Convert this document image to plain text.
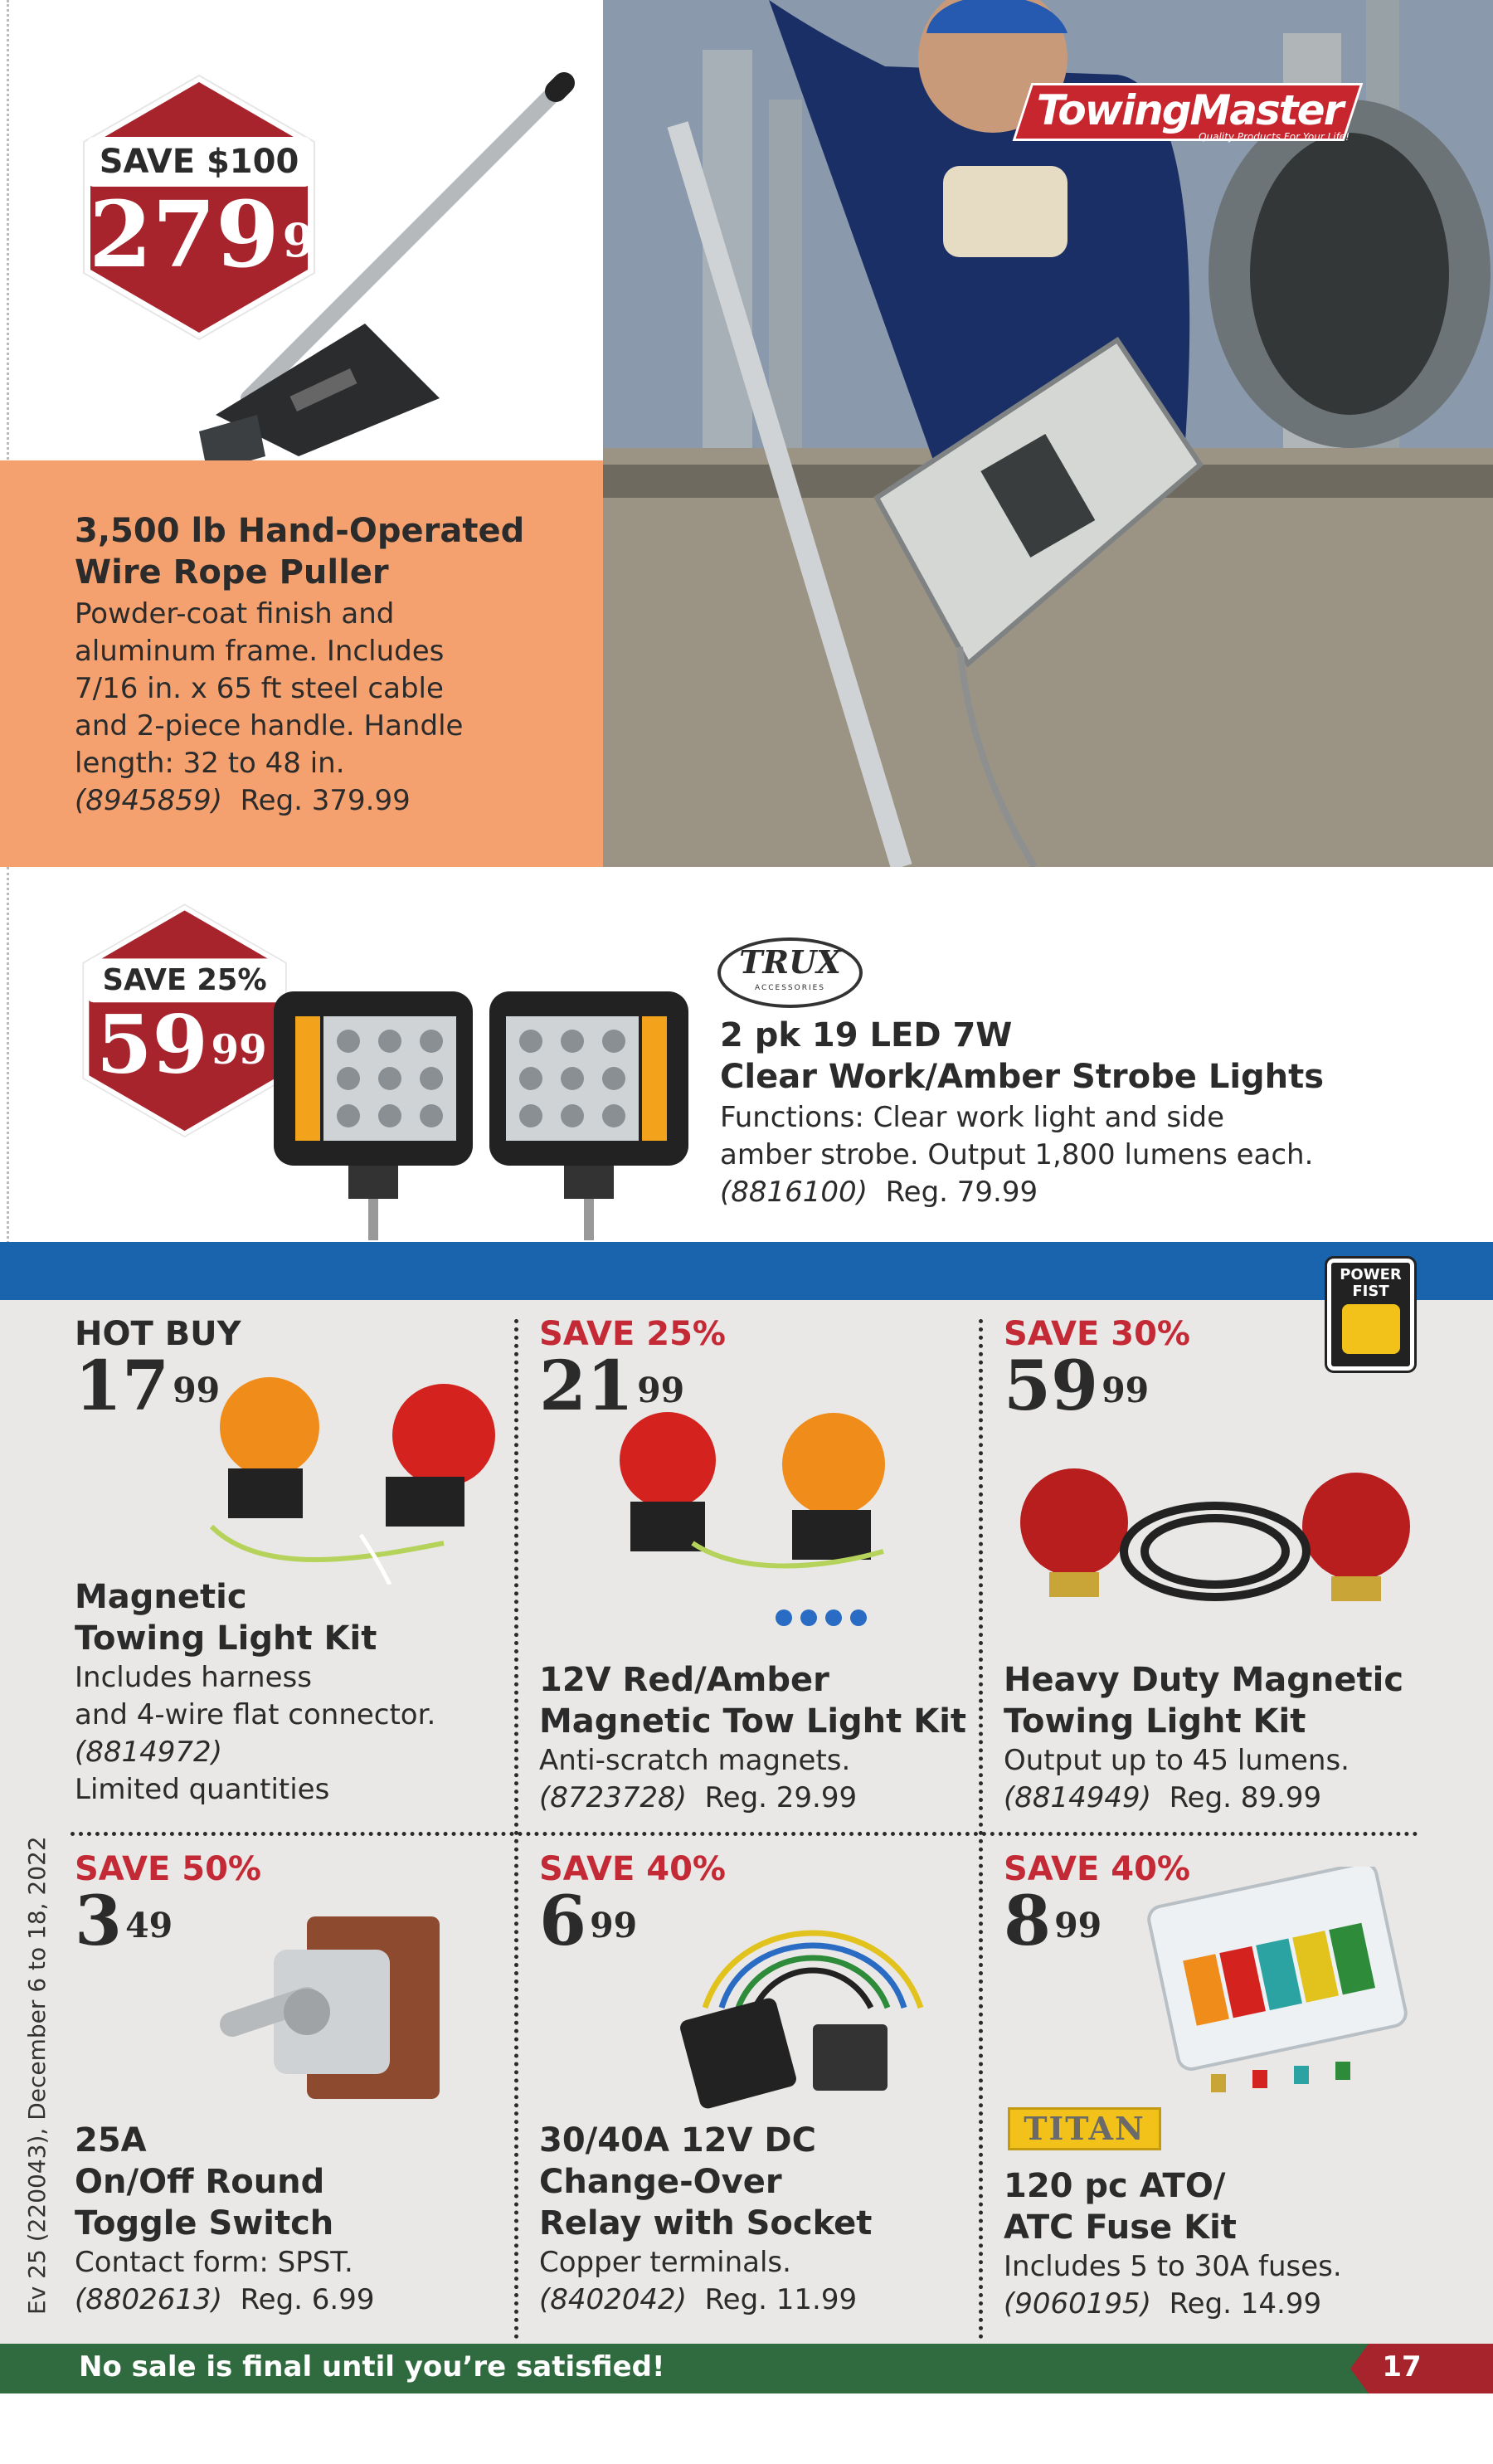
TowingMaster
Quality Products For Your Life!
SAVE $100
$279^{99}$
3,500 lb Hand-Operated
Wire Rope Puller
Powder-coat finish and
aluminum frame. Includes
7/16 in. x 65 ft steel cable
and 2-piece handle. Handle
length: 32 to 48 in.
(8945859) Reg. 379.99
SAVE 25%
$59^{99}$
TRUX
ACCESSORIES
2 pk 19 LED 7W
Clear Work/Amber Strobe Lights
Functions: Clear work light and side
amber strobe. Output 1,800 lumens each.
(8816100) Reg. 79.99
POWER
FIST
HOT BUY
$17^{99}$
Magnetic
Towing Light Kit
Includes harness
and 4-wire flat connector.
(8814972)
Limited quantities
SAVE 25%
$21^{99}$
12V Red/Amber
Magnetic Tow Light Kit
Anti-scratch magnets.
(8723728) Reg. 29.99
SAVE 30%
$59^{99}$
Heavy Duty Magnetic
Towing Light Kit
Output up to 45 lumens.
(8814949) Reg. 89.99
SAVE 50%
$3^{49}$
25A
On/Off Round
Toggle Switch
Contact form: SPST.
(8802613) Reg. 6.99
SAVE 40%
$6^{99}$
30/40A 12V DC
Change-Over
Relay with Socket
Copper terminals.
(8402042) Reg. 11.99
SAVE 40%
$8^{99}$
TITAN
120 pc ATO/
ATC Fuse Kit
Includes 5 to 30A fuses.
(9060195) Reg. 14.99
Ev 25 (220043), December 6 to 18, 2022
No sale is final until you’re satisfied!	17
